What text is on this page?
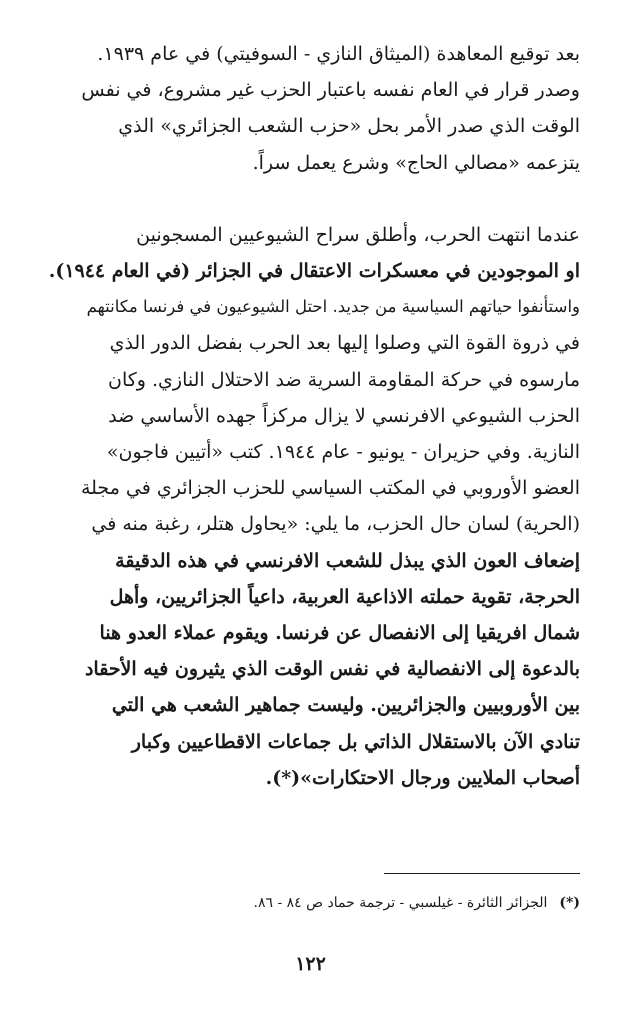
بعد توقيع المعاهدة (الميثاق النازي - السوفيتي) في عام ١٩٣٩.
وصدر قرار في العام نفسه باعتبار الحزب غير مشروع، في نفس
الوقت الذي صدر الأمر بحل «حزب الشعب الجزائري» الذي
يتزعمه «مصالي الحاج» وشرع يعمل سراً.

عندما انتهت الحرب، وأطلق سراح الشيوعيين المسجونين
او الموجودين في معسكرات الاعتقال في الجزائر (في العام ١٩٤٤).
واستأنفوا حياتهم السياسية من جديد. احتل الشيوعيون في فرنسا مكانتهم
في ذروة القوة التي وصلوا إليها بعد الحرب بفضل الدور الذي
مارسوه في حركة المقاومة السرية ضد الاحتلال النازي. وكان
الحزب الشيوعي الافرنسي لا يزال مركزاً جهده الأساسي ضد
النازية. وفي حزيران - يونيو - عام ١٩٤٤. كتب «أتيين فاجون»
العضو الأوروبي في المكتب السياسي للحزب الجزائري في مجلة
(الحرية) لسان حال الحزب، ما يلي: «يحاول هتلر، رغبة منه في
إضعاف العون الذي يبذل للشعب الافرنسي في هذه الدقيقة
الحرجة، تقوية حملته الاذاعية العربية، داعياً الجزائريين، وأهل
شمال افريقيا إلى الانفصال عن فرنسا. ويقوم عملاء العدو هنا
بالدعوة إلى الانفصالية في نفس الوقت الذي يثيرون فيه الأحقاد
بين الأوروبيين والجزائريين. وليست جماهير الشعب هي التي
تنادي الآن بالاستقلال الذاتي بل جماعات الاقطاعيين وكبار
أصحاب الملايين ورجال الاحتكارات»(*).

(*)الجزائر الثائرة - غيلسبي - ترجمة حماد ص ٨٤ - ٨٦.
١٢٢
